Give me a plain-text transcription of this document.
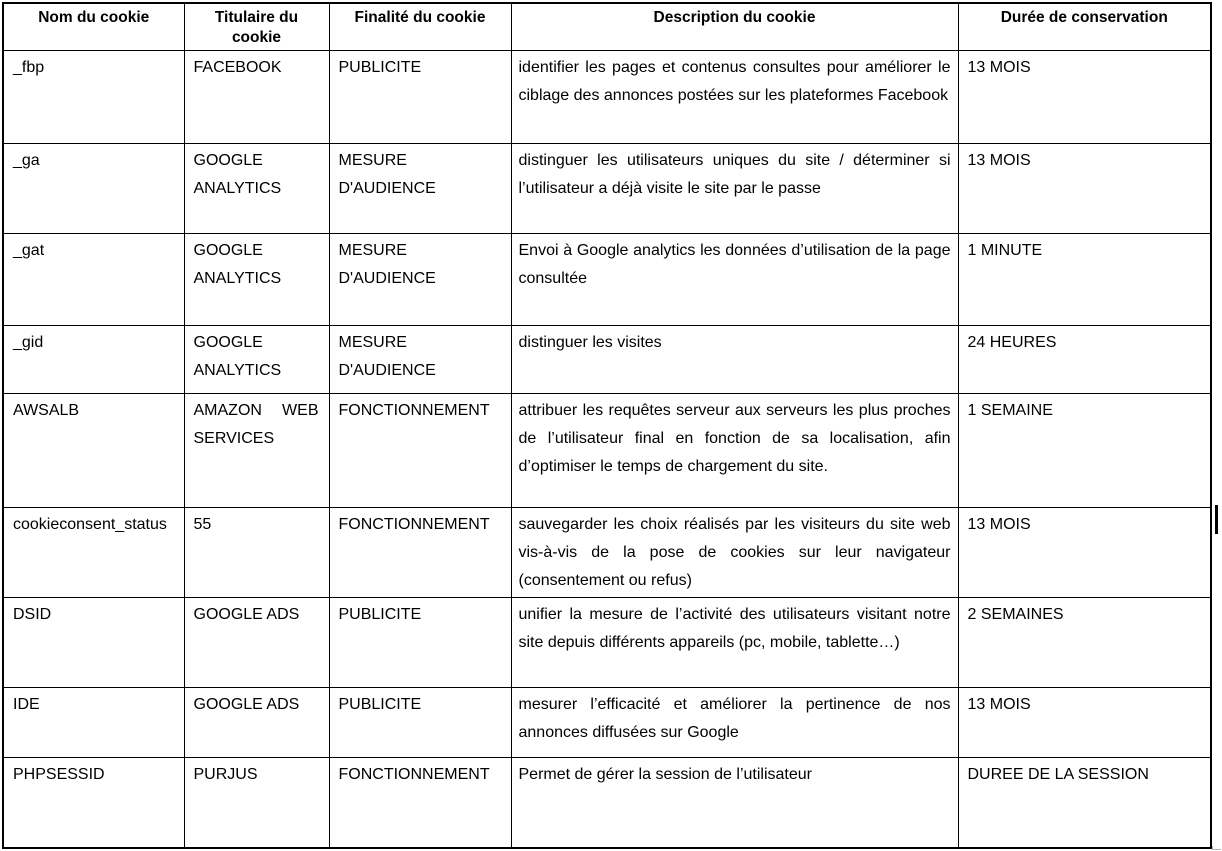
Nom du cookie	Titulaire du cookie	Finalité du cookie	Description du cookie	Durée de conservation
_fbp	FACEBOOK	PUBLICITE	identifier les pages et contenus consultes pour améliorer le ciblage des annonces postées sur les plateformes Facebook	13 MOIS
_ga	GOOGLE ANALYTICS	MESURE D'AUDIENCE	distinguer les utilisateurs uniques du site / déterminer si l’utilisateur a déjà visite le site par le passe	13 MOIS
_gat	GOOGLE ANALYTICS	MESURE D'AUDIENCE	Envoi à Google analytics les données d’utilisation de la page consultée	1 MINUTE
_gid	GOOGLE ANALYTICS	MESURE D'AUDIENCE	distinguer les visites	24 HEURES
AWSALB	AMAZON WEB SERVICES	FONCTIONNEMENT	attribuer les requêtes serveur aux serveurs les plus proches de l’utilisateur final en fonction de sa localisation, afin d’optimiser le temps de chargement du site.	1 SEMAINE
cookieconsent_status	55	FONCTIONNEMENT	sauvegarder les choix réalisés par les visiteurs du site web vis-à-vis de la pose de cookies sur leur navigateur (consentement ou refus)	13 MOIS
DSID	GOOGLE ADS	PUBLICITE	unifier la mesure de l’activité des utilisateurs visitant notre site depuis différents appareils (pc, mobile, tablette…)	2 SEMAINES
IDE	GOOGLE ADS	PUBLICITE	mesurer l’efficacité et améliorer la pertinence de nos annonces diffusées sur Google	13 MOIS
PHPSESSID	PURJUS	FONCTIONNEMENT	Permet de gérer la session de l’utilisateur	DUREE DE LA SESSION
